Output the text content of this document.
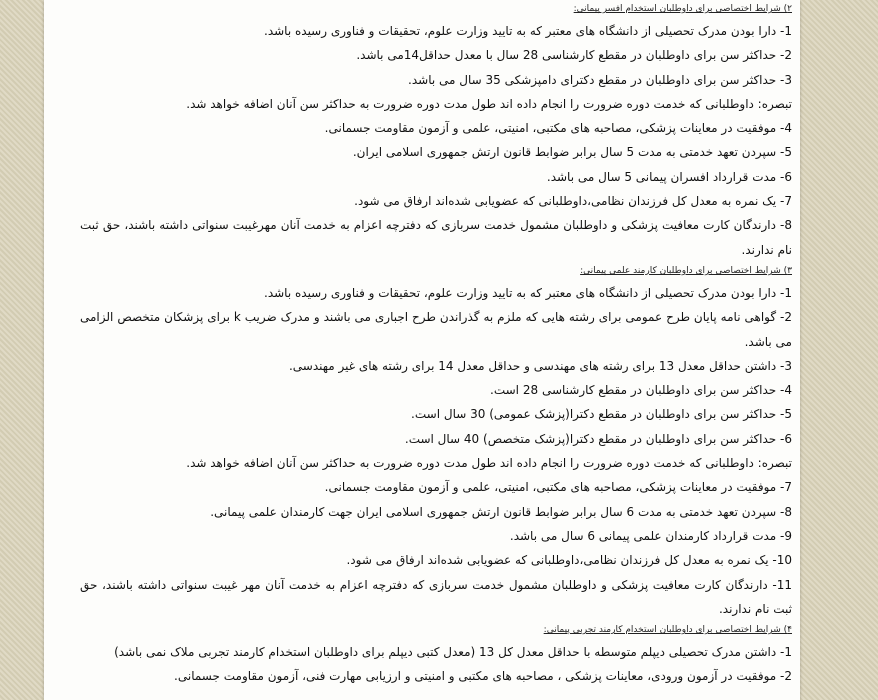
۲) شرایط اختصاصی برای داوطلبان استخدام افسر پیمانی:
1- دارا بودن مدرک تحصیلی از دانشگاه های معتبر که به تایید وزارت علوم، تحقیقات و فناوری رسیده باشد.
2- حداکثر سن برای داوطلبان در مقطع کارشناسی 28 سال با معدل حداقل14می باشد.
3- حداکثر سن برای داوطلبان در مقطع دکترای دامپزشکی 35 سال می باشد.
تبصره: داوطلبانی که خدمت دوره ضرورت را انجام داده اند طول مدت دوره ضرورت به حداکثر سن آنان اضافه خواهد شد.
4- موفقیت در معاینات پزشکی، مصاحبه های مکتبی، امنیتی، علمی و آزمون مقاومت جسمانی.
5- سپردن تعهد خدمتی به مدت 5 سال برابر ضوابط قانون ارتش جمهوری اسلامی ایران.
6- مدت قرارداد افسران پیمانی 5 سال می باشد.
7- یک نمره به معدل کل فرزندان نظامی،داوطلبانی که عضویابی شده‌اند ارفاق می شود.
8- دارندگان کارت معافیت پزشکی و داوطلبان مشمول خدمت سربازی که دفترچه اعزام به خدمت آنان مهرغیبت سنواتی داشته باشند، حق ثبت نام ندارند.
۳) شرایط اختصاصی برای داوطلبان کارمند علمی پیمانی:
1- دارا بودن مدرک تحصیلی از دانشگاه های معتبر که به تایید وزارت علوم، تحقیقات و فناوری رسیده باشد.
2- گواهی نامه پایان طرح عمومی برای رشته هایی که ملزم به گذراندن طرح اجباری می باشند و مدرک ضریب k برای پزشکان متخصص الزامی می باشد.
3- داشتن حداقل معدل 13 برای رشته های مهندسی و حداقل معدل 14 برای رشته های غیر مهندسی.
4- حداکثر سن برای داوطلبان در مقطع کارشناسی 28 است.
5- حداکثر سن برای داوطلبان در مقطع دکترا(پزشک عمومی) 30 سال است.
6- حداکثر سن برای داوطلبان در مقطع دکترا(پزشک متخصص) 40 سال است.
تبصره: داوطلبانی که خدمت دوره ضرورت را انجام داده اند طول مدت دوره ضرورت به حداکثر سن آنان اضافه خواهد شد.
7- موفقیت در معاینات پزشکی، مصاحبه های مکتبی، امنیتی، علمی و آزمون مقاومت جسمانی.
8- سپردن تعهد خدمتی به مدت 6 سال برابر ضوابط قانون ارتش جمهوری اسلامی ایران جهت کارمندان علمی پیمانی.
9- مدت قرارداد کارمندان علمی پیمانی 6 سال می باشد.
10- یک نمره به معدل کل فرزندان نظامی،داوطلبانی که عضویابی شده‌اند ارفاق می شود.
11- دارندگان کارت معافیت پزشکی و داوطلبان مشمول خدمت سربازی که دفترچه اعزام به خدمت آنان مهر غیبت سنواتی داشته باشند، حق ثبت نام ندارند.
۴) شرایط اختصاصی برای داوطلبان استخدام کارمند تجربی پیمانی:
1- داشتن مدرک تحصیلی دیپلم متوسطه با حداقل معدل کل 13 (معدل کتبی دیپلم برای داوطلبان استخدام کارمند تجربی ملاک نمی باشد)
2- موفقیت در آزمون ورودی، معاینات پزشکی ، مصاحبه های مکتبی و امنیتی و ارزیابی مهارت فنی، آزمون مقاومت جسمانی.
